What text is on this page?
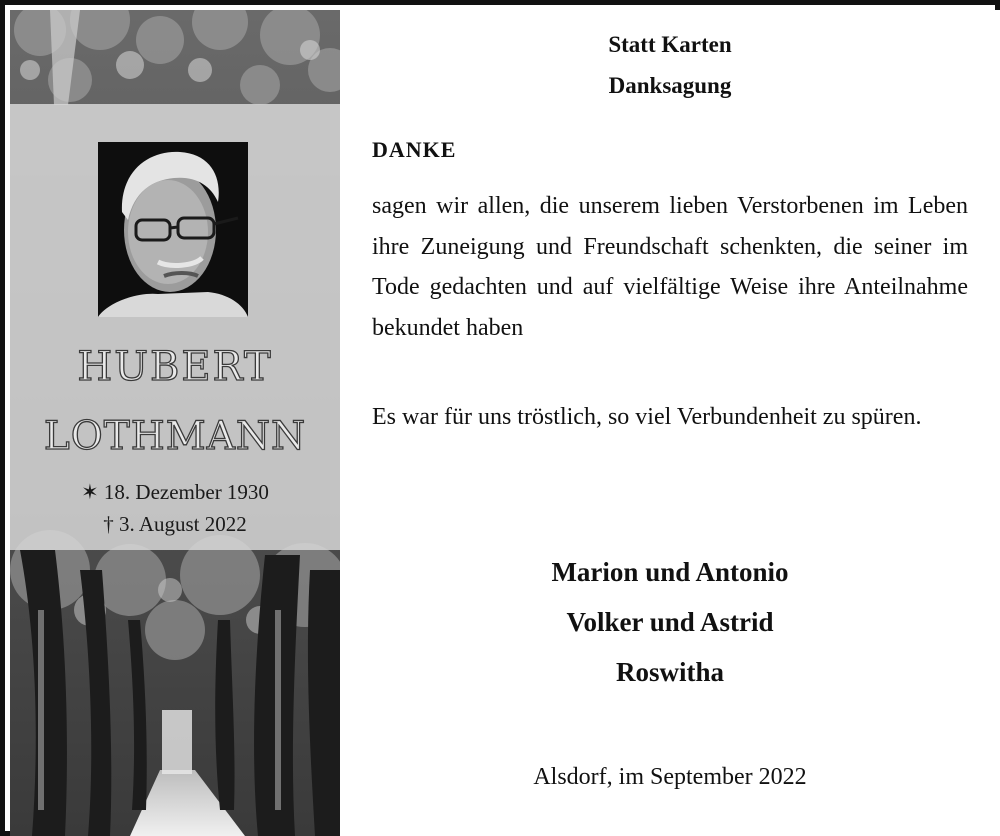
HUBERT
LOTHMANN
✶ 18. Dezember 1930
† 3. August 2022
Statt Karten
Danksagung
DANKE

sagen wir allen, die unserem lieben Verstorbenen im Leben ihre Zuneigung und Freundschaft schenkten, die seiner im Tode gedachten und auf vielfältige Weise ihre Anteilnahme bekundet haben

Es war für uns tröstlich, so viel Verbundenheit zu spüren.

Marion und Antonio
Volker und Astrid
Roswitha
Alsdorf, im September 2022
